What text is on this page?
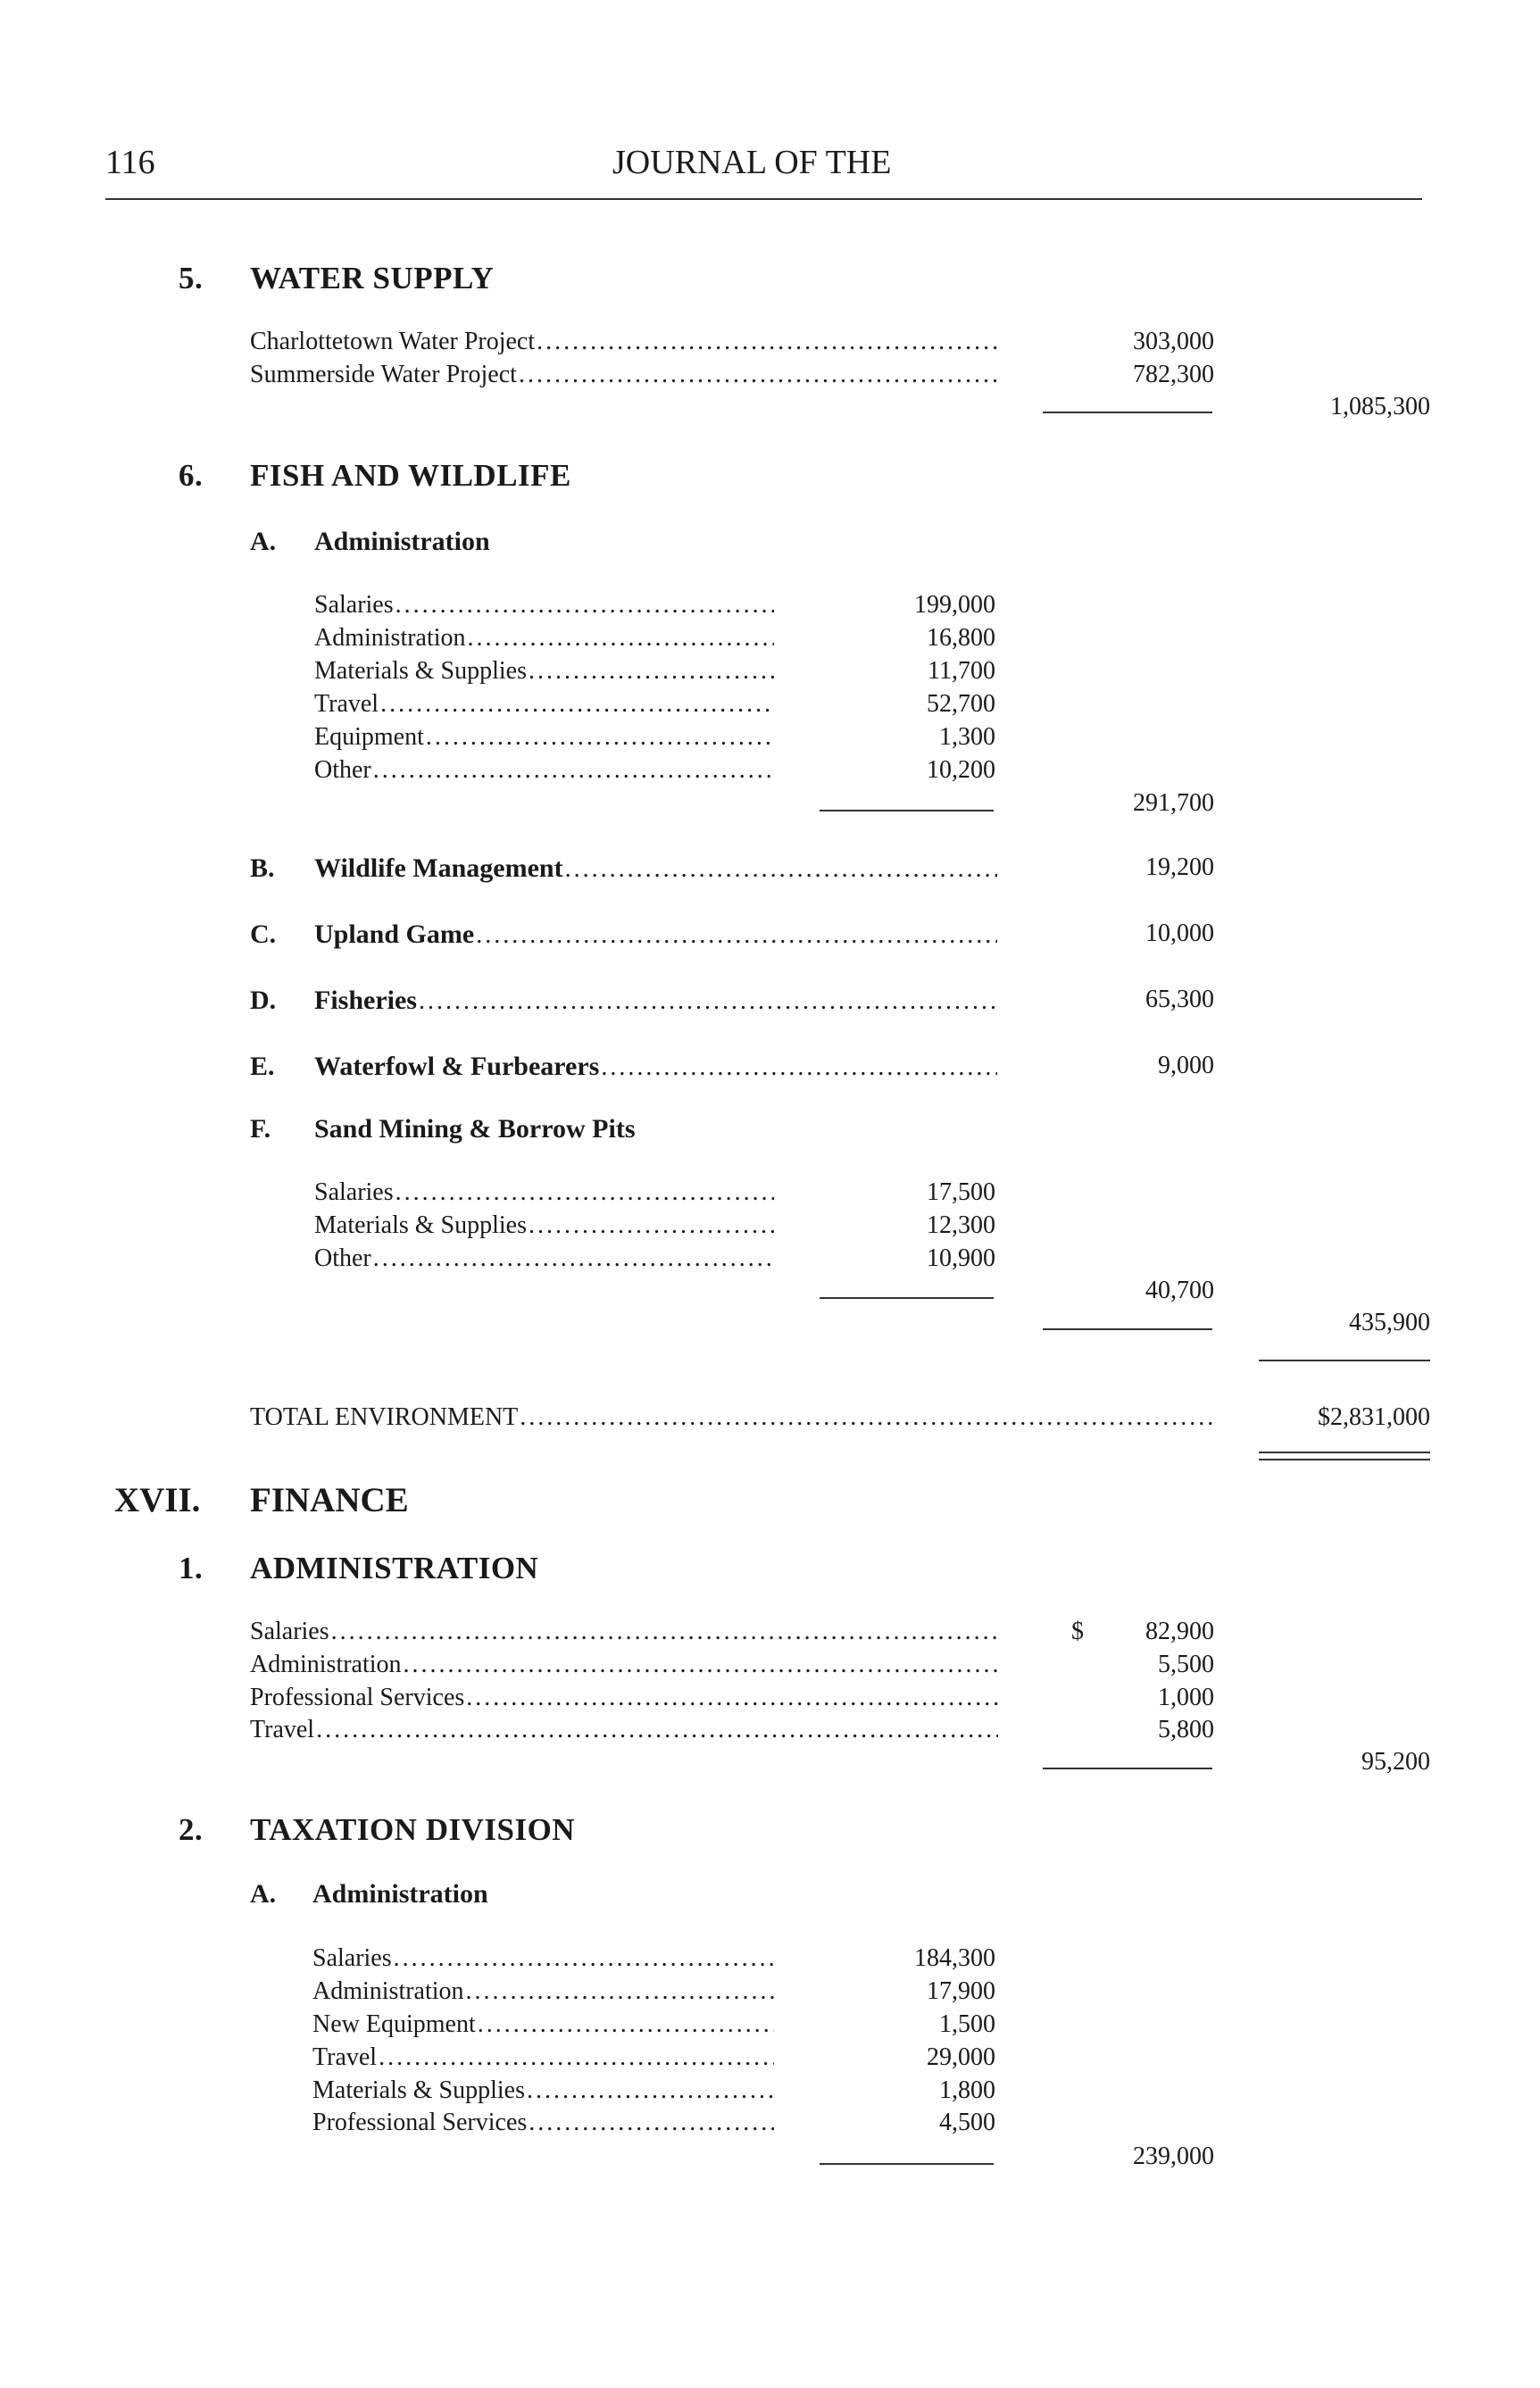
116	JOURNAL OF THE
5. WATER SUPPLY
Charlottetown Water Project .....	303,000
Summerside Water Project .....	782,300
1,085,300
6. FISH AND WILDLIFE
A. Administration
Salaries .....	199,000
Administration .....	16,800
Materials & Supplies .....	11,700
Travel .....	52,700
Equipment .....	1,300
Other .....	10,200
291,700
B. Wildlife Management .....	19,200
C. Upland Game .....	10,000
D. Fisheries .....	65,300
E. Waterfowl & Furbearers .....	9,000
F. Sand Mining & Borrow Pits
Salaries .....	17,500
Materials & Supplies .....	12,300
Other .....	10,900
40,700
435,900
TOTAL ENVIRONMENT .....	$2,831,000
XVII. FINANCE
1. ADMINISTRATION
Salaries .....	$	82,900
Administration .....	5,500
Professional Services .....	1,000
Travel .....	5,800
95,200
2. TAXATION DIVISION
A. Administration
Salaries .....	184,300
Administration .....	17,900
New Equipment .....	1,500
Travel .....	29,000
Materials & Supplies .....	1,800
Professional Services .....	4,500
239,000
